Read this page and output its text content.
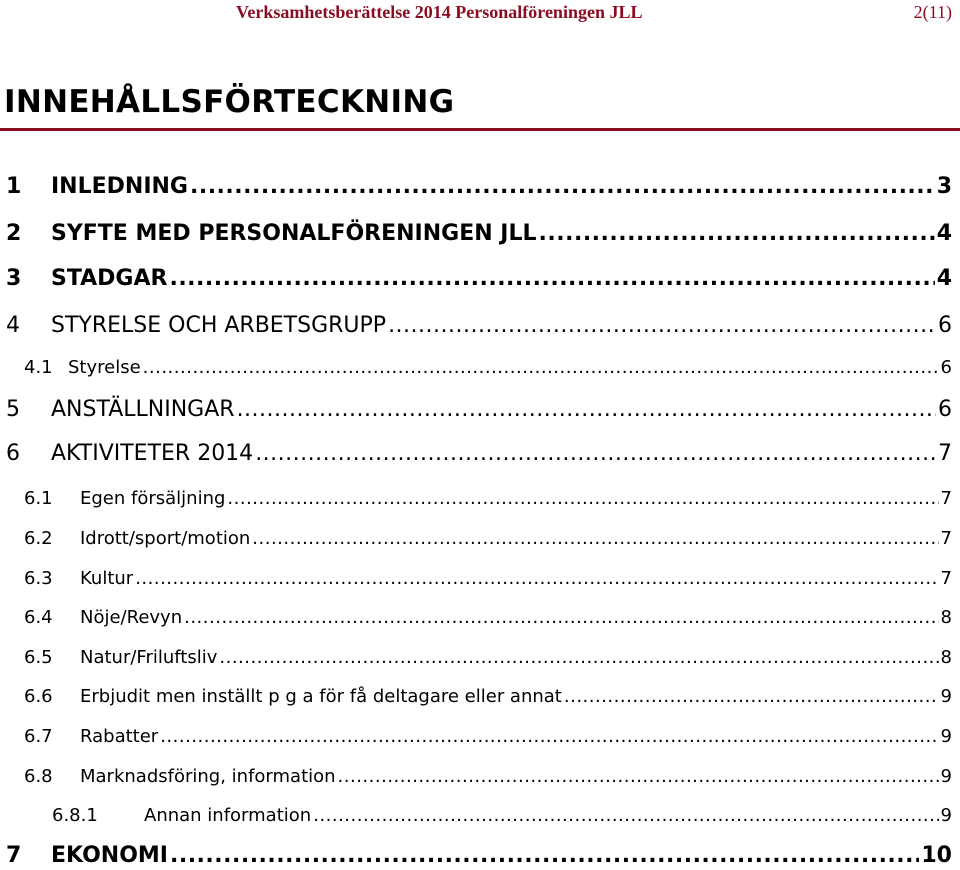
Verksamhetsberättelse 2014 Personalföreningen JLL	2(11)
INNEHÅLLSFÖRTECKNING
1	INLEDNING .....	3
2	SYFTE MED PERSONALFÖRENINGEN JLL .....	4
3	STADGAR .....	4
4	STYRELSE OCH ARBETSGRUPP .....	6
4.1 Styrelse .....	6
5	ANSTÄLLNINGAR .....	6
6	AKTIVITETER 2014 .....	7
6.1	Egen försäljning .....	7
6.2	Idrott/sport/motion .....	7
6.3	Kultur .....	7
6.4	Nöje/Revyn .....	8
6.5	Natur/Friluftsliv .....	8
6.6	Erbjudit men inställt p g a för få deltagare eller annat .....	9
6.7	Rabatter .....	9
6.8	Marknadsföring, information .....	9
6.8.1	Annan information .....	9
7	EKONOMI .....	10
